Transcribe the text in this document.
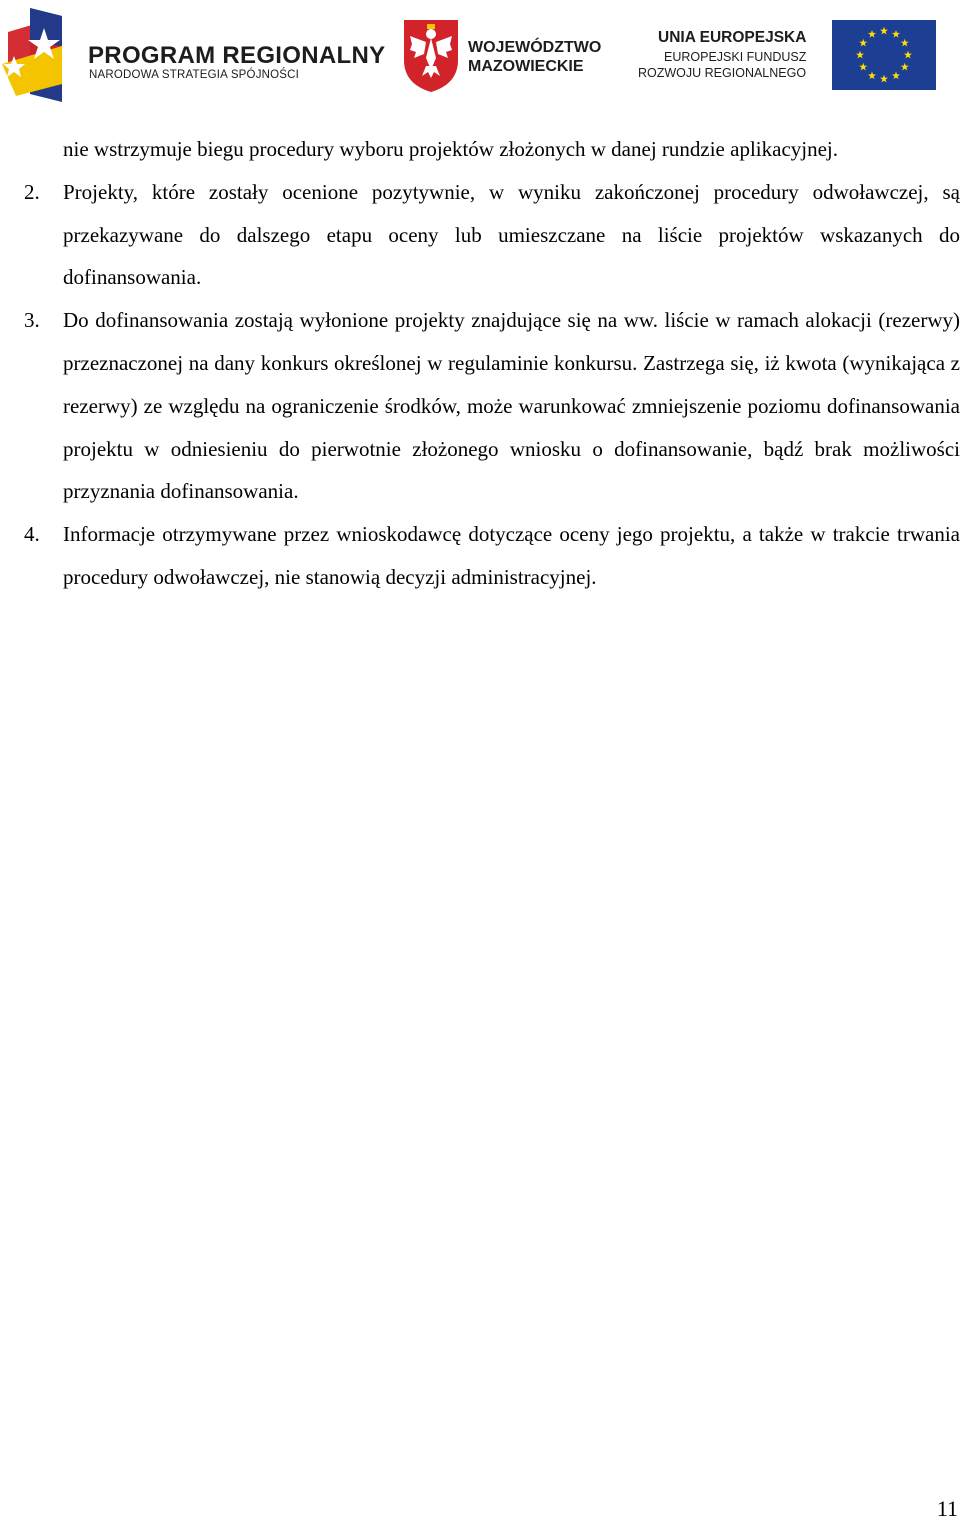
PROGRAM REGIONALNY
NARODOWA STRATEGIA SPÓJNOŚCI
WOJEWÓDZTWO
MAZOWIECKIE
UNIA EUROPEJSKA
EUROPEJSKI FUNDUSZ
ROZWOJU REGIONALNEGO

nie wstrzymuje biegu procedury wyboru projektów złożonych w danej rundzie aplikacyjnej.

2. Projekty, które zostały ocenione pozytywnie, w wyniku zakończonej procedury odwoławczej, są przekazywane do dalszego etapu oceny lub umieszczane na liście projektów wskazanych do dofinansowania.
3. Do dofinansowania zostają wyłonione projekty znajdujące się na ww. liście w ramach alokacji (rezerwy) przeznaczonej na dany konkurs określonej w regulaminie konkursu. Zastrzega się, iż kwota (wynikająca z rezerwy) ze względu na ograniczenie środków, może warunkować zmniejszenie poziomu dofinansowania projektu w odniesieniu do pierwotnie złożonego wniosku o dofinansowanie, bądź brak możliwości przyznania dofinansowania.
4. Informacje otrzymywane przez wnioskodawcę dotyczące oceny jego projektu, a także w trakcie trwania procedury odwoławczej, nie stanowią decyzji administracyjnej.
11
